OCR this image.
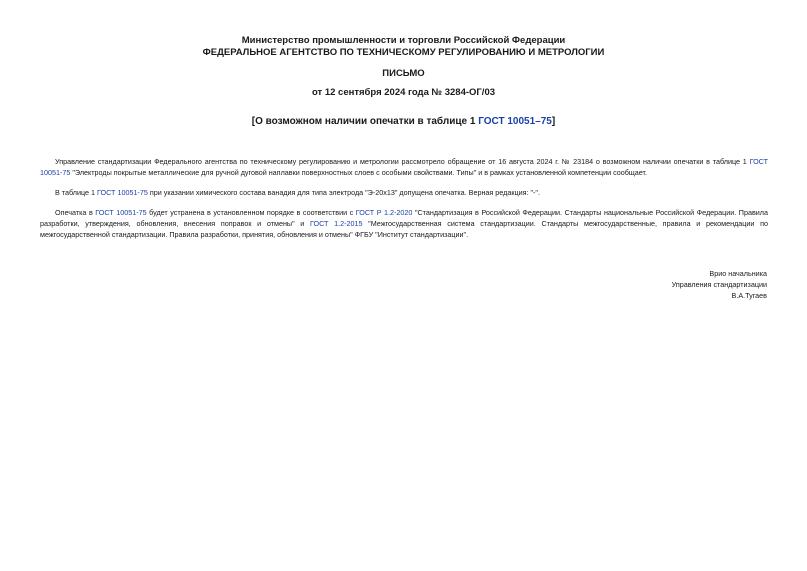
Министерство промышленности и торговли Российской Федерации
ФЕДЕРАЛЬНОЕ АГЕНТСТВО ПО ТЕХНИЧЕСКОМУ РЕГУЛИРОВАНИЮ И МЕТРОЛОГИИ
ПИСЬМО
от 12 сентября 2024 года № 3284-ОГ/03
[О возможном наличии опечатки в таблице 1 ГОСТ 10051–75]

Управление стандартизации Федерального агентства по техническому регулированию и метрологии рассмотрело обращение от 16 августа 2024 г. № 23184 о возможном наличии опечатки в таблице 1 ГОСТ 10051-75 "Электроды покрытые металлические для ручной дуговой наплавки поверхностных слоев с особыми свойствами. Типы" и в рамках установленной компетенции сообщает.

В таблице 1 ГОСТ 10051-75 при указании химического состава ванадия для типа электрода "Э-20х13" допущена опечатка. Верная редакция: "-".

Опечатка в ГОСТ 10051-75 будет устранена в установленном порядке в соответствии с ГОСТ Р 1.2-2020 "Стандартизация в Российской Федерации. Стандарты национальные Российской Федерации. Правила разработки, утверждения, обновления, внесения поправок и отмены" и ГОСТ 1.2-2015 "Межгосударственная система стандартизации. Стандарты межгосударственные, правила и рекомендации по межгосударственной стандартизации. Правила разработки, принятия, обновления и отмены" ФГБУ "Институт стандартизации".

Врио начальника
Управления стандартизации
В.А.Тугаев
